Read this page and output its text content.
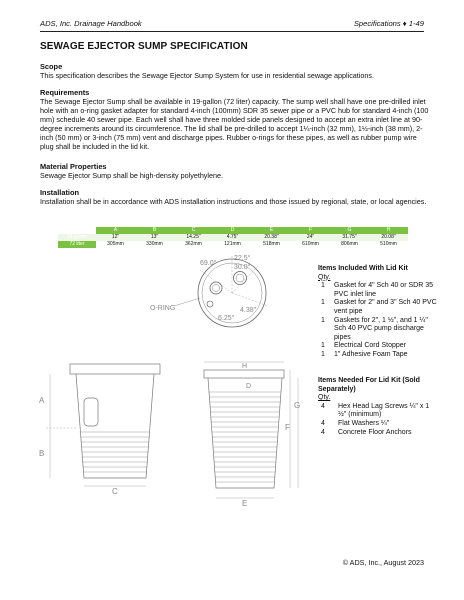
ADS, Inc. Drainage Handbook	Specifications ♦ 1-49
SEWAGE EJECTOR SUMP SPECIFICATION
Scope
This specification describes the Sewage Ejector Sump System for use in residential sewage applications.
Requirements
The Sewage Ejector Sump shall be available in 19-gallon (72 liter) capacity. The sump well shall have one pre-drilled inlet hole with an o-ring gasket adapter for standard 4-inch (100mm) SDR 35 sewer pipe or a PVC hub for standard 4-inch (100 mm) schedule 40 sewer pipe. Each well shall have three molded side panels designed to accept an extra inlet line at 90-degree increments around its circumference. The lid shall be pre-drilled to accept 1¼-inch (32 mm), 1½-inch (38 mm), 2-inch (50 mm) or 3-inch (75 mm) vent and discharge pipes. Rubber o-rings for these pipes, as well as rubber pump wire plug shall be included in the lid kit.
Material Properties
Sewage Ejector Sump shall be high-density polyethylene.
Installation
Installation shall be in accordance with ADS installation instructions and those issued by regional, state, or local agencies.
	A	B	C	D	E	F	G	H
19 gallon	12"	13"	14.25"	4.75"	20.38"	24"	31.75"	20.08"
72 liter	305mm	330mm	362mm	121mm	518mm	610mm	806mm	510mm
69.0°
22.5°
30.0°
4.38"
6.25"
O-RING
A
B
C
H
E
F
G
D
Items Included With Lid Kit
Qty.
1	Gasket for 4" Sch 40 or SDR 35 PVC inlet line
1	Gasket for 2" and 3" Sch 40 PVC vent pipe
1	Gaskets for 2", 1 ½", and 1 ¼" Sch 40 PVC pump discharge pipes
1	Electrical Cord Stopper
1	1" Adhesive Foam Tape
Items Needed For Lid Kit (Sold Separately)
Qty.
4	Hex Head Lag Screws ¼" x 1 ½" (minimum)
4	Flat Washers ¼"
4	Concrete Floor Anchors
© ADS, Inc., August 2023
